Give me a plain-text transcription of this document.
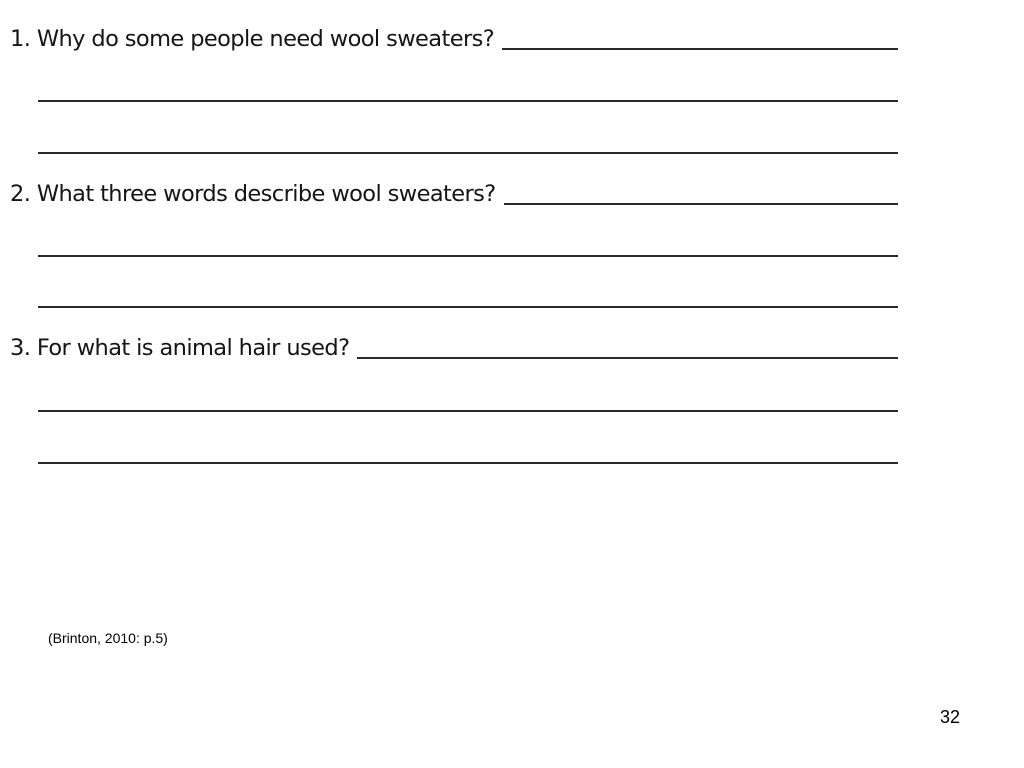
1. Why do some people need wool sweaters?
2. What three words describe wool sweaters?
3. For what is animal hair used?
(Brinton, 2010: p.5)
32
